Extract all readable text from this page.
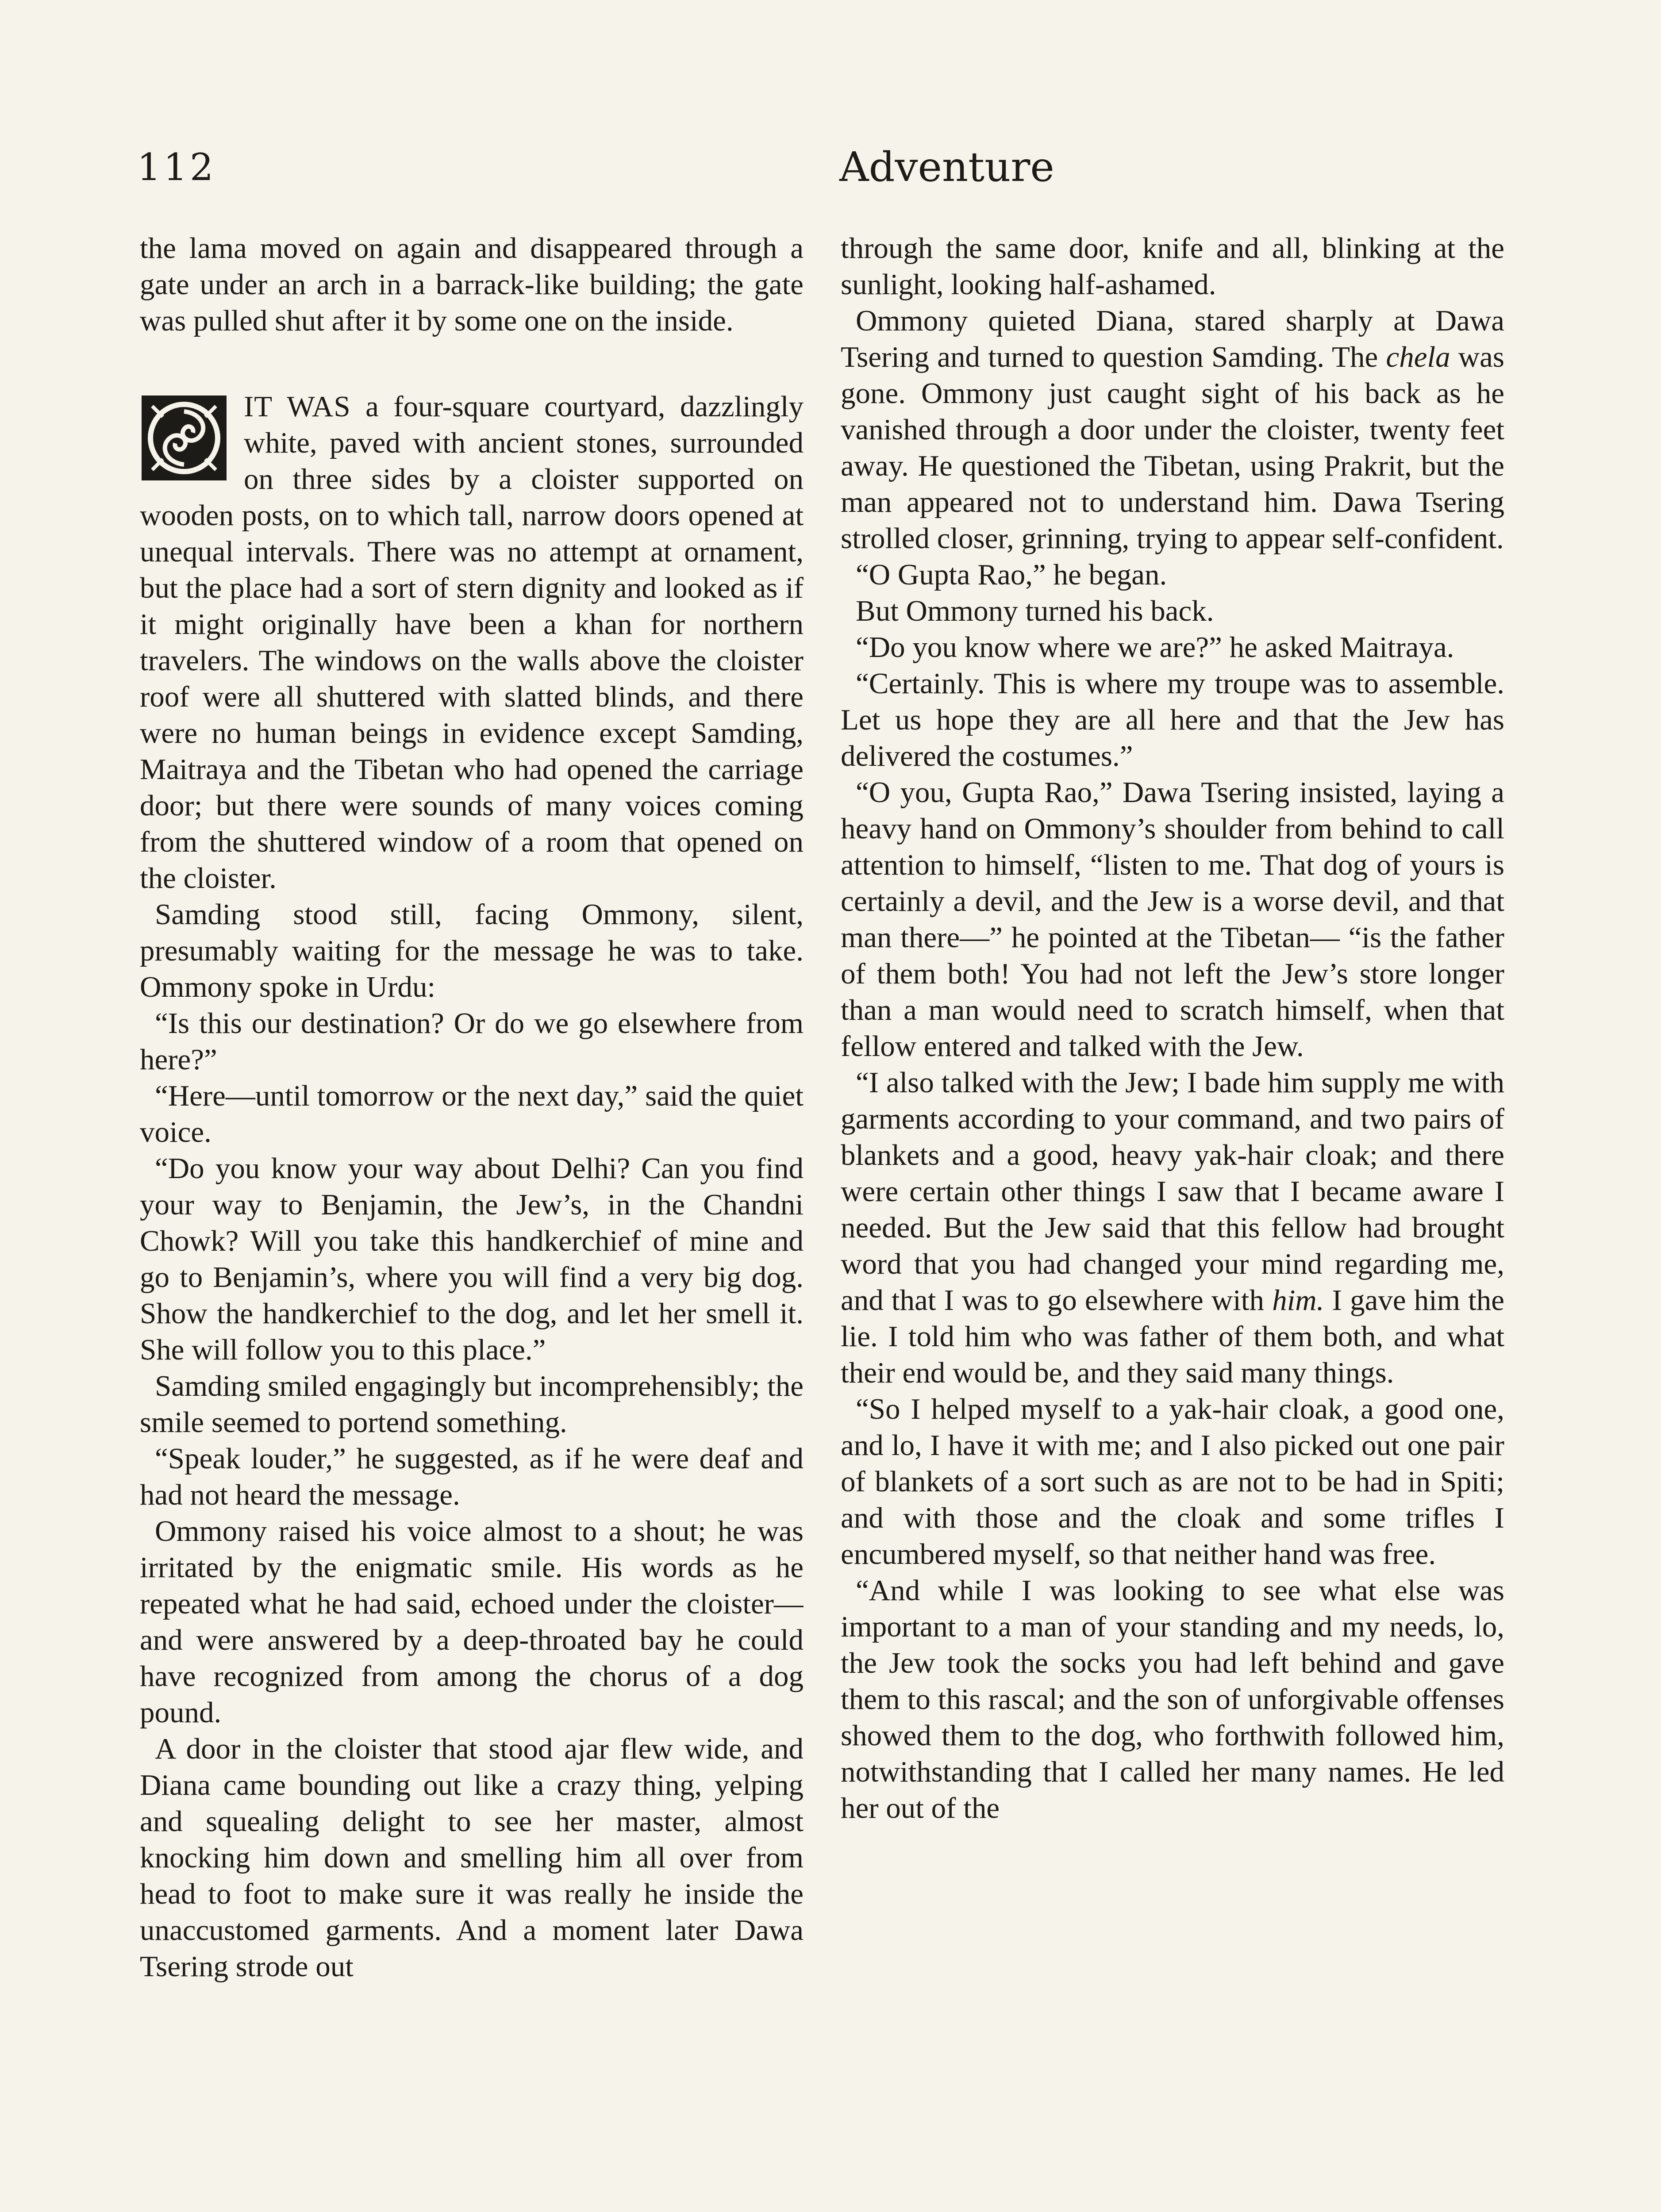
112	Adventure

the lama moved on again and disappeared through a gate under an arch in a barrack-like building; the gate was pulled shut after it by some one on the inside.

IT WAS a four-square courtyard, dazzlingly white, paved with ancient stones, surrounded on three sides by a cloister supported on wooden posts, on to which tall, narrow doors opened at unequal intervals. There was no attempt at ornament, but the place had a sort of stern dignity and looked as if it might originally have been a khan for northern travelers. The windows on the walls above the cloister roof were all shuttered with slatted blinds, and there were no human beings in evidence except Samding, Maitraya and the Tibetan who had opened the carriage door; but there were sounds of many voices coming from the shuttered window of a room that opened on the cloister.

Samding stood still, facing Ommony, silent, presumably waiting for the message he was to take. Ommony spoke in Urdu:

“Is this our destination? Or do we go elsewhere from here?”

“Here—until tomorrow or the next day,” said the quiet voice.

“Do you know your way about Delhi? Can you find your way to Benjamin, the Jew’s, in the Chandni Chowk? Will you take this handkerchief of mine and go to Benjamin’s, where you will find a very big dog. Show the handkerchief to the dog, and let her smell it. She will follow you to this place.”

Samding smiled engagingly but incomprehensibly; the smile seemed to portend something.

“Speak louder,” he suggested, as if he were deaf and had not heard the message.

Ommony raised his voice almost to a shout; he was irritated by the enigmatic smile. His words as he repeated what he had said, echoed under the cloister—and were answered by a deep-throated bay he could have recognized from among the chorus of a dog pound.

A door in the cloister that stood ajar flew wide, and Diana came bounding out like a crazy thing, yelping and squealing delight to see her master, almost knocking him down and smelling him all over from head to foot to make sure it was really he inside the unaccustomed garments. And a moment later Dawa Tsering strode out

through the same door, knife and all, blinking at the sunlight, looking half-ashamed.

Ommony quieted Diana, stared sharply at Dawa Tsering and turned to question Samding. The chela was gone. Ommony just caught sight of his back as he vanished through a door under the cloister, twenty feet away. He questioned the Tibetan, using Prakrit, but the man appeared not to understand him. Dawa Tsering strolled closer, grinning, trying to appear self-confident.

“O Gupta Rao,” he began.

But Ommony turned his back.

“Do you know where we are?” he asked Maitraya.

“Certainly. This is where my troupe was to assemble. Let us hope they are all here and that the Jew has delivered the costumes.”

“O you, Gupta Rao,” Dawa Tsering insisted, laying a heavy hand on Ommony’s shoulder from behind to call attention to himself, “listen to me. That dog of yours is certainly a devil, and the Jew is a worse devil, and that man there—” he pointed at the Tibetan— “is the father of them both! You had not left the Jew’s store longer than a man would need to scratch himself, when that fellow entered and talked with the Jew.

“I also talked with the Jew; I bade him supply me with garments according to your command, and two pairs of blankets and a good, heavy yak-hair cloak; and there were certain other things I saw that I became aware I needed. But the Jew said that this fellow had brought word that you had changed your mind regarding me, and that I was to go elsewhere with him. I gave him the lie. I told him who was father of them both, and what their end would be, and they said many things.

“So I helped myself to a yak-hair cloak, a good one, and lo, I have it with me; and I also picked out one pair of blankets of a sort such as are not to be had in Spiti; and with those and the cloak and some trifles I encumbered myself, so that neither hand was free.

“And while I was looking to see what else was important to a man of your standing and my needs, lo, the Jew took the socks you had left behind and gave them to this rascal; and the son of unforgivable offenses showed them to the dog, who forthwith followed him, notwithstanding that I called her many names. He led her out of the
